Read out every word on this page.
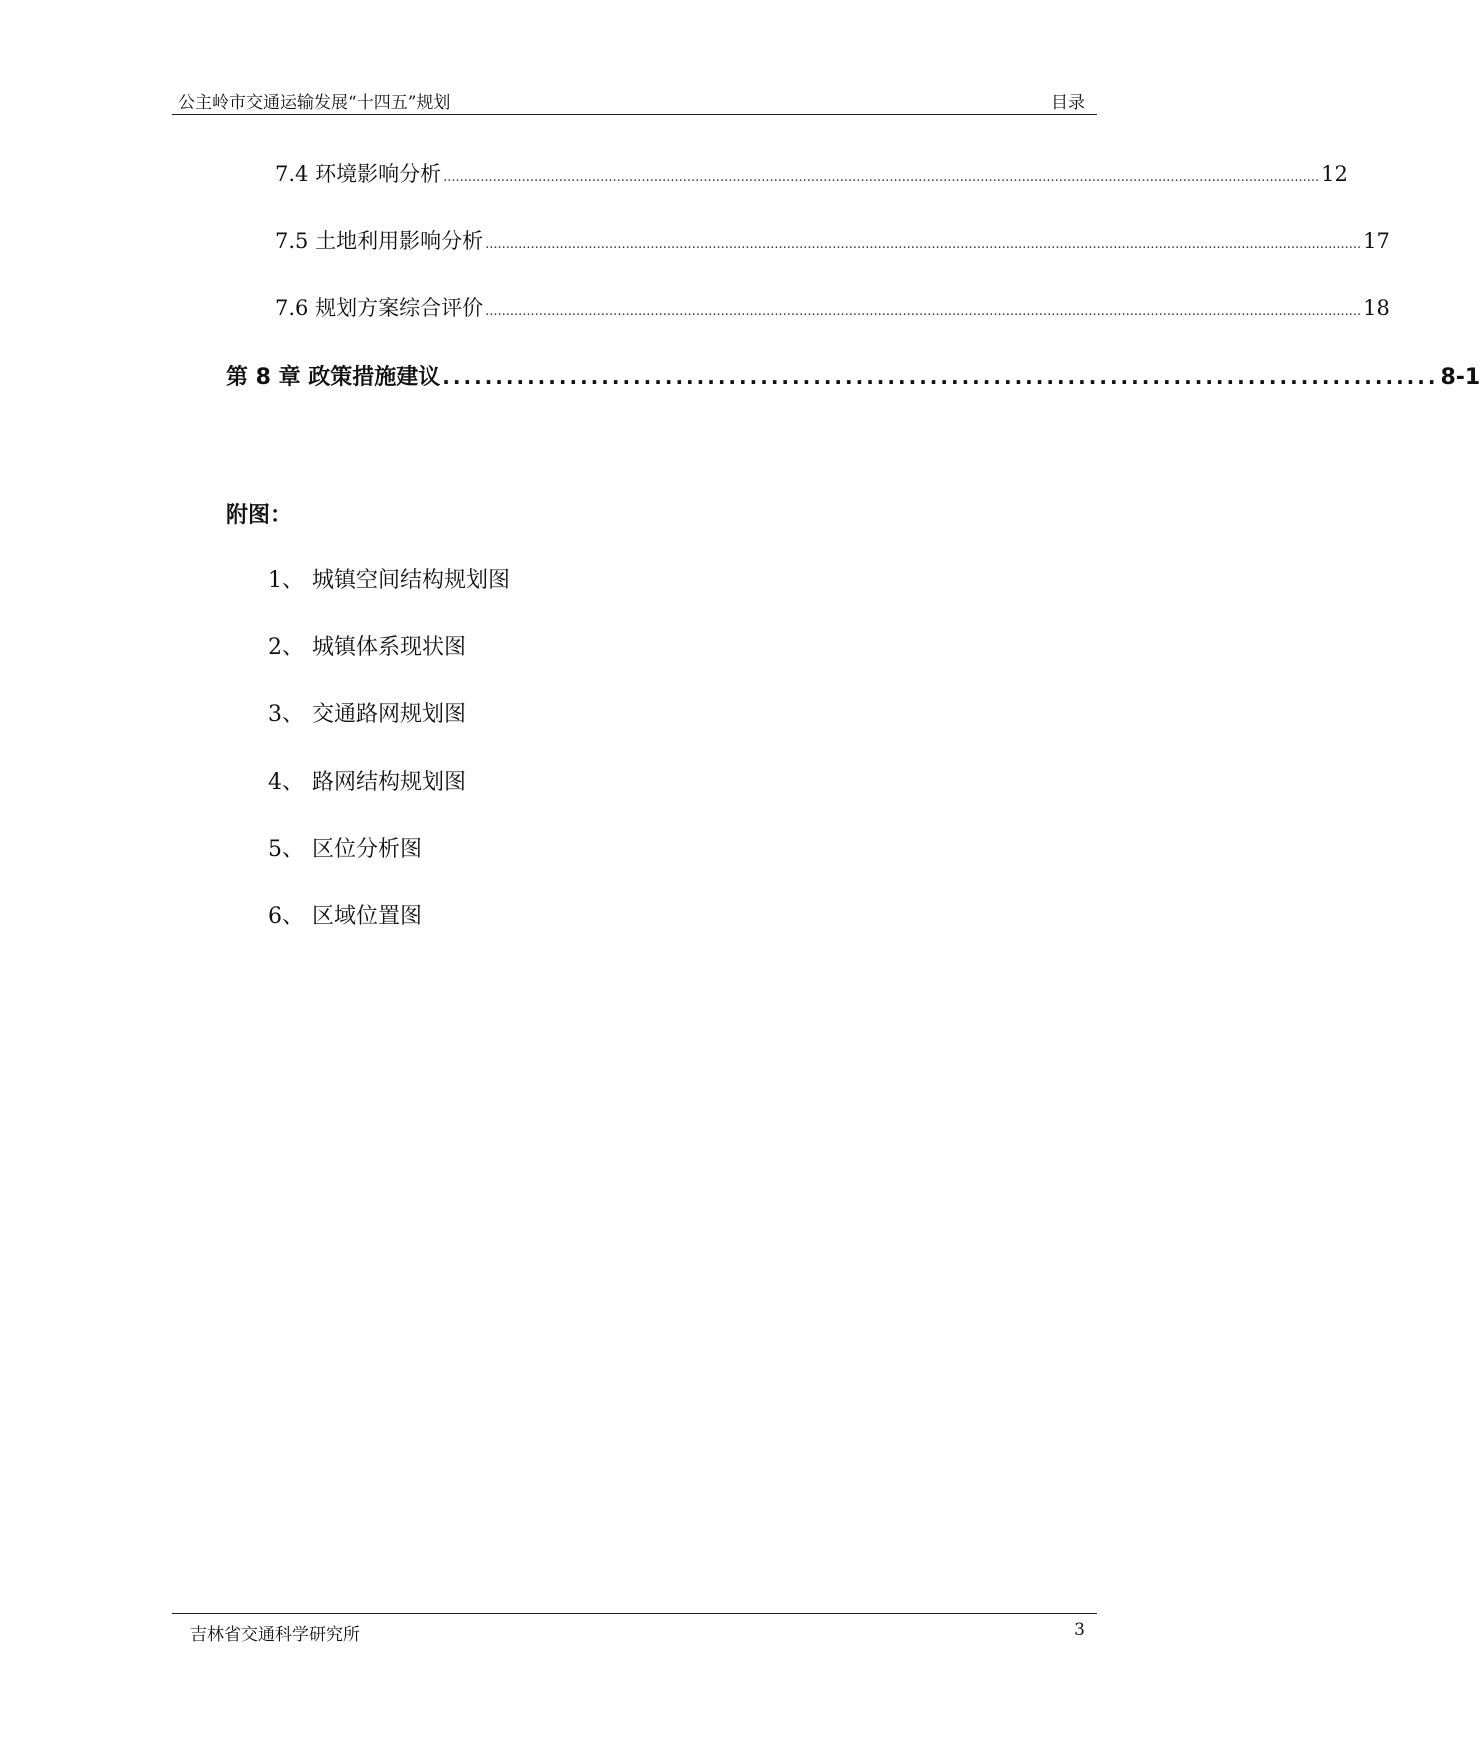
公主岭市交通运输发展“十四五”规划	目录
7.4 环境影响分析 .................................................................................................................................................................................................................... 12
7.5 土地利用影响分析 .................................................................................................................................................................................................................... 17
7.6 规划方案综合评价 .................................................................................................................................................................................................................... 18
第 8 章 政策措施建议 .............................................................................................. 8-1
附图：
1、 城镇空间结构规划图
2、 城镇体系现状图
3、 交通路网规划图
4、 路网结构规划图
5、 区位分析图
6、 区域位置图
吉林省交通科学研究所	3
